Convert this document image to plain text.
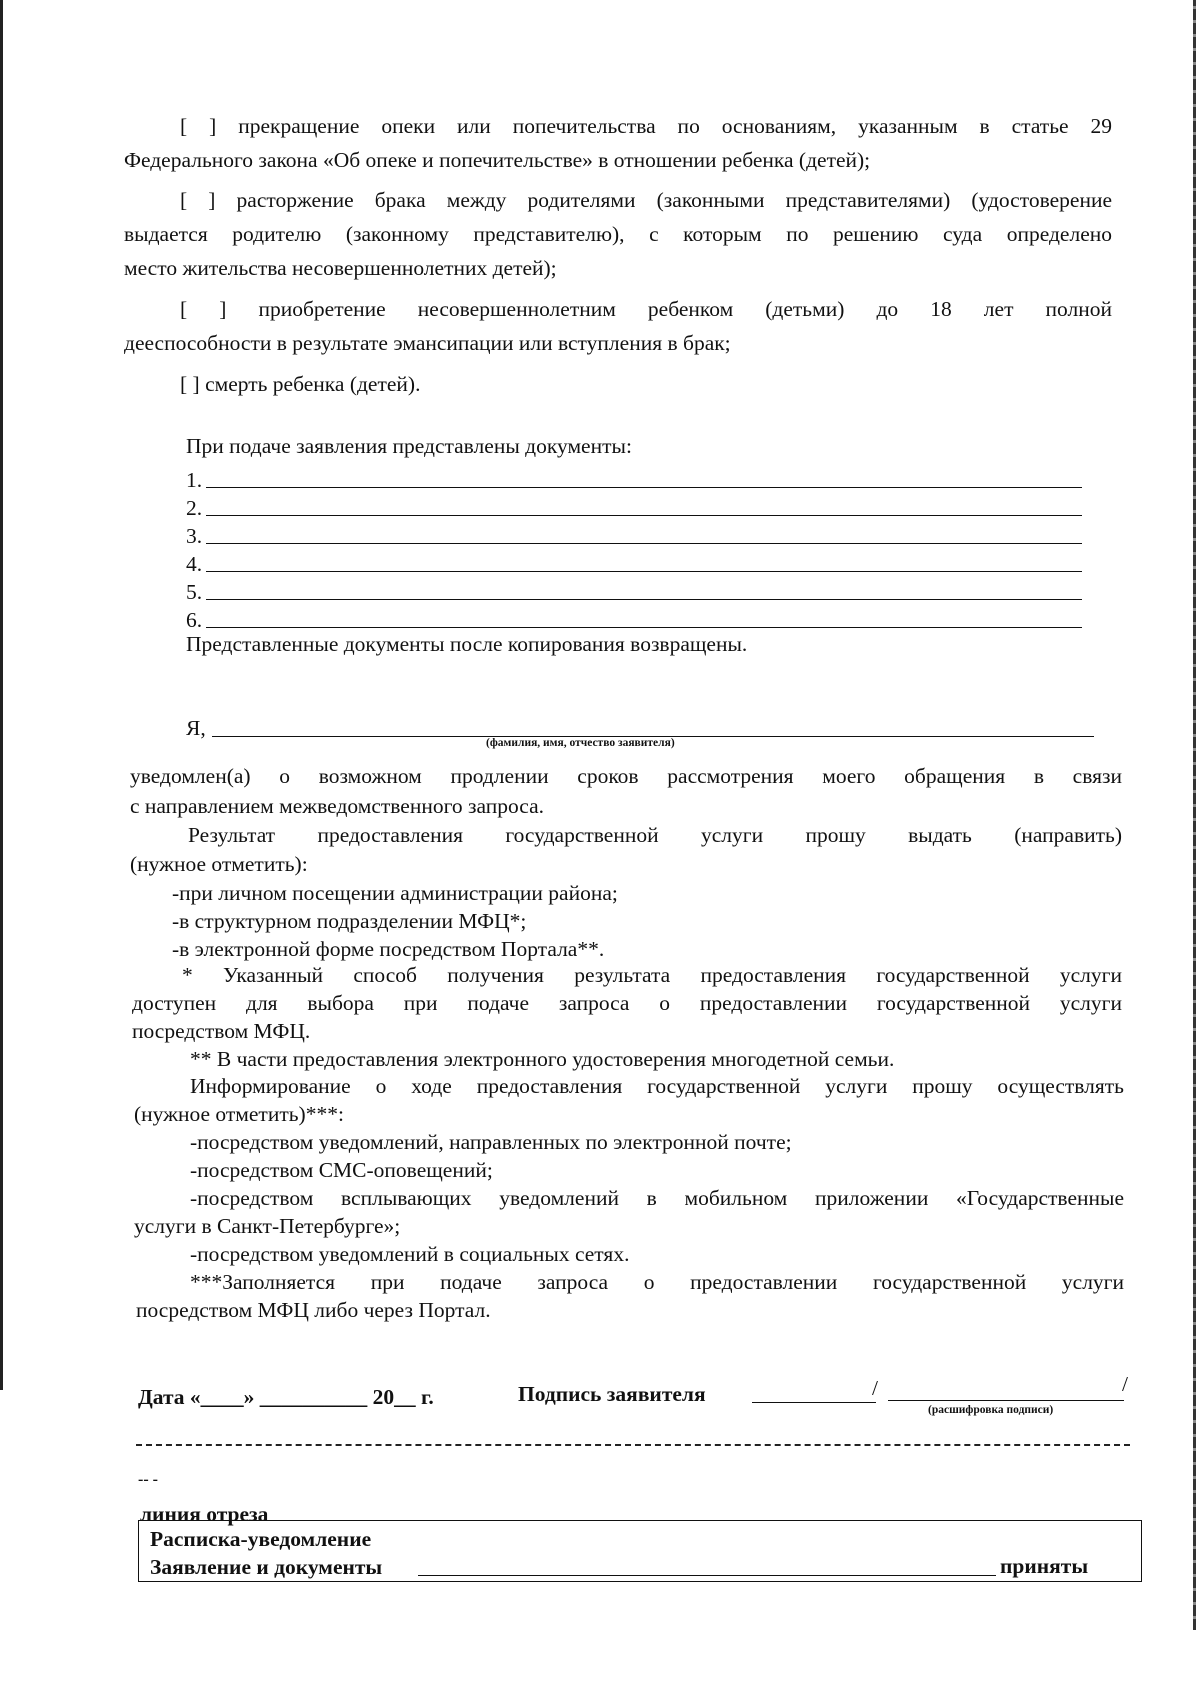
[ ] прекращение опеки или попечительства по основаниям, указанным в статье 29
Федерального закона «Об опеке и попечительстве» в отношении ребенка (детей);
[ ] расторжение брака между родителями (законными представителями) (удостоверение
выдается родителю (законному представителю), с которым по решению суда определено
место жительства несовершеннолетних детей);
[ ] приобретение несовершеннолетним ребенком (детьми) до 18 лет полной
дееспособности в результате эмансипации или вступления в брак;
[ ] смерть ребенка (детей).
При подаче заявления представлены документы:
1.
2.
3.
4.
5.
6.
Представленные документы после копирования возвращены.
Я,
(фамилия, имя, отчество заявителя)
уведомлен(а) о возможном продлении сроков рассмотрения моего обращения в связи
с направлением межведомственного запроса.
Результат предоставления государственной услуги прошу выдать (направить)
(нужное отметить):
-при личном посещении администрации района;
-в структурном подразделении МФЦ*;
-в электронной форме посредством Портала**.
* Указанный способ получения результата предоставления государственной услуги
доступен для выбора при подаче запроса о предоставлении государственной услуги
посредством МФЦ.
** В части предоставления электронного удостоверения многодетной семьи.
Информирование о ходе предоставления государственной услуги прошу осуществлять
(нужное отметить)***:
-посредством уведомлений, направленных по электронной почте;
-посредством СМС-оповещений;
-посредством всплывающих уведомлений в мобильном приложении «Государственные
услуги в Санкт-Петербурге»;
-посредством уведомлений в социальных сетях.
***Заполняется при подаче запроса о предоставлении государственной услуги
посредством МФЦ либо через Портал.
Дата «____» __________ 20__ г.	Подпись заявителя	/	/
(расшифровка подписи)
-- -
линия отреза
Расписка-уведомление
Заявление и документы	приняты
